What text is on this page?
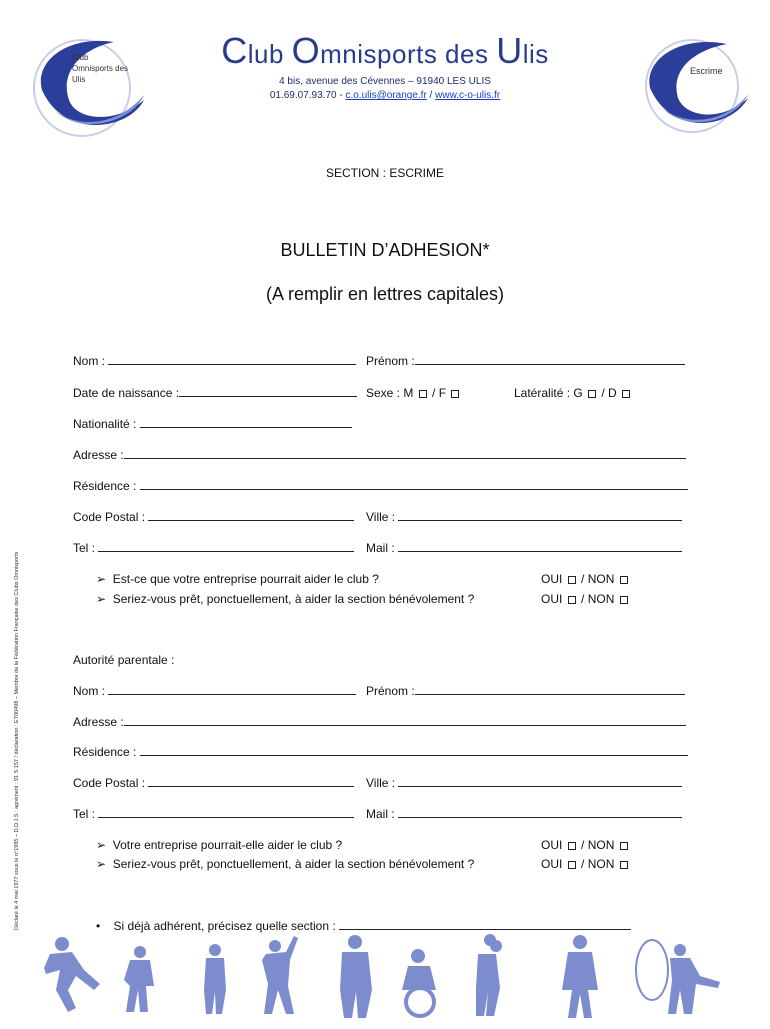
Club
Omnisports des
Ulis
Escrime
Club Omnisports des Ulis
4 bis, avenue des Cévennes – 91940 LES ULIS
01.69.07.93.70 - c.o.ulis@orange.fr / www.c-o-ulis.fr
SECTION : ESCRIME
BULLETIN D’ADHESION*
(A remplir en lettres capitales)
Déclaré le 4 mai 1977 sous le n°1985 – D.D.J.S : agrément : 91 S 157 / déclaration : ET00498 – Membre de la Fédération Française des Clubs Omnisports
Nom :	Prénom :
Date de naissance :	Sexe : M / F	Latéralité : G / D
Nationalité :
Adresse :
Résidence :
Code Postal :	Ville :
Tel :	Mail :
➢ Est-ce que votre entreprise pourrait aider le club ?	OUI / NON
➢ Seriez-vous prêt, ponctuellement, à aider la section bénévolement ?	OUI / NON
Autorité parentale :
Nom :	Prénom :
Adresse :
Résidence :
Code Postal :	Ville :
Tel :	Mail :
➢ Votre entreprise pourrait-elle aider le club ?	OUI / NON
➢ Seriez-vous prêt, ponctuellement, à aider la section bénévolement ?	OUI / NON
• Si déjà adhérent, précisez quelle section :
